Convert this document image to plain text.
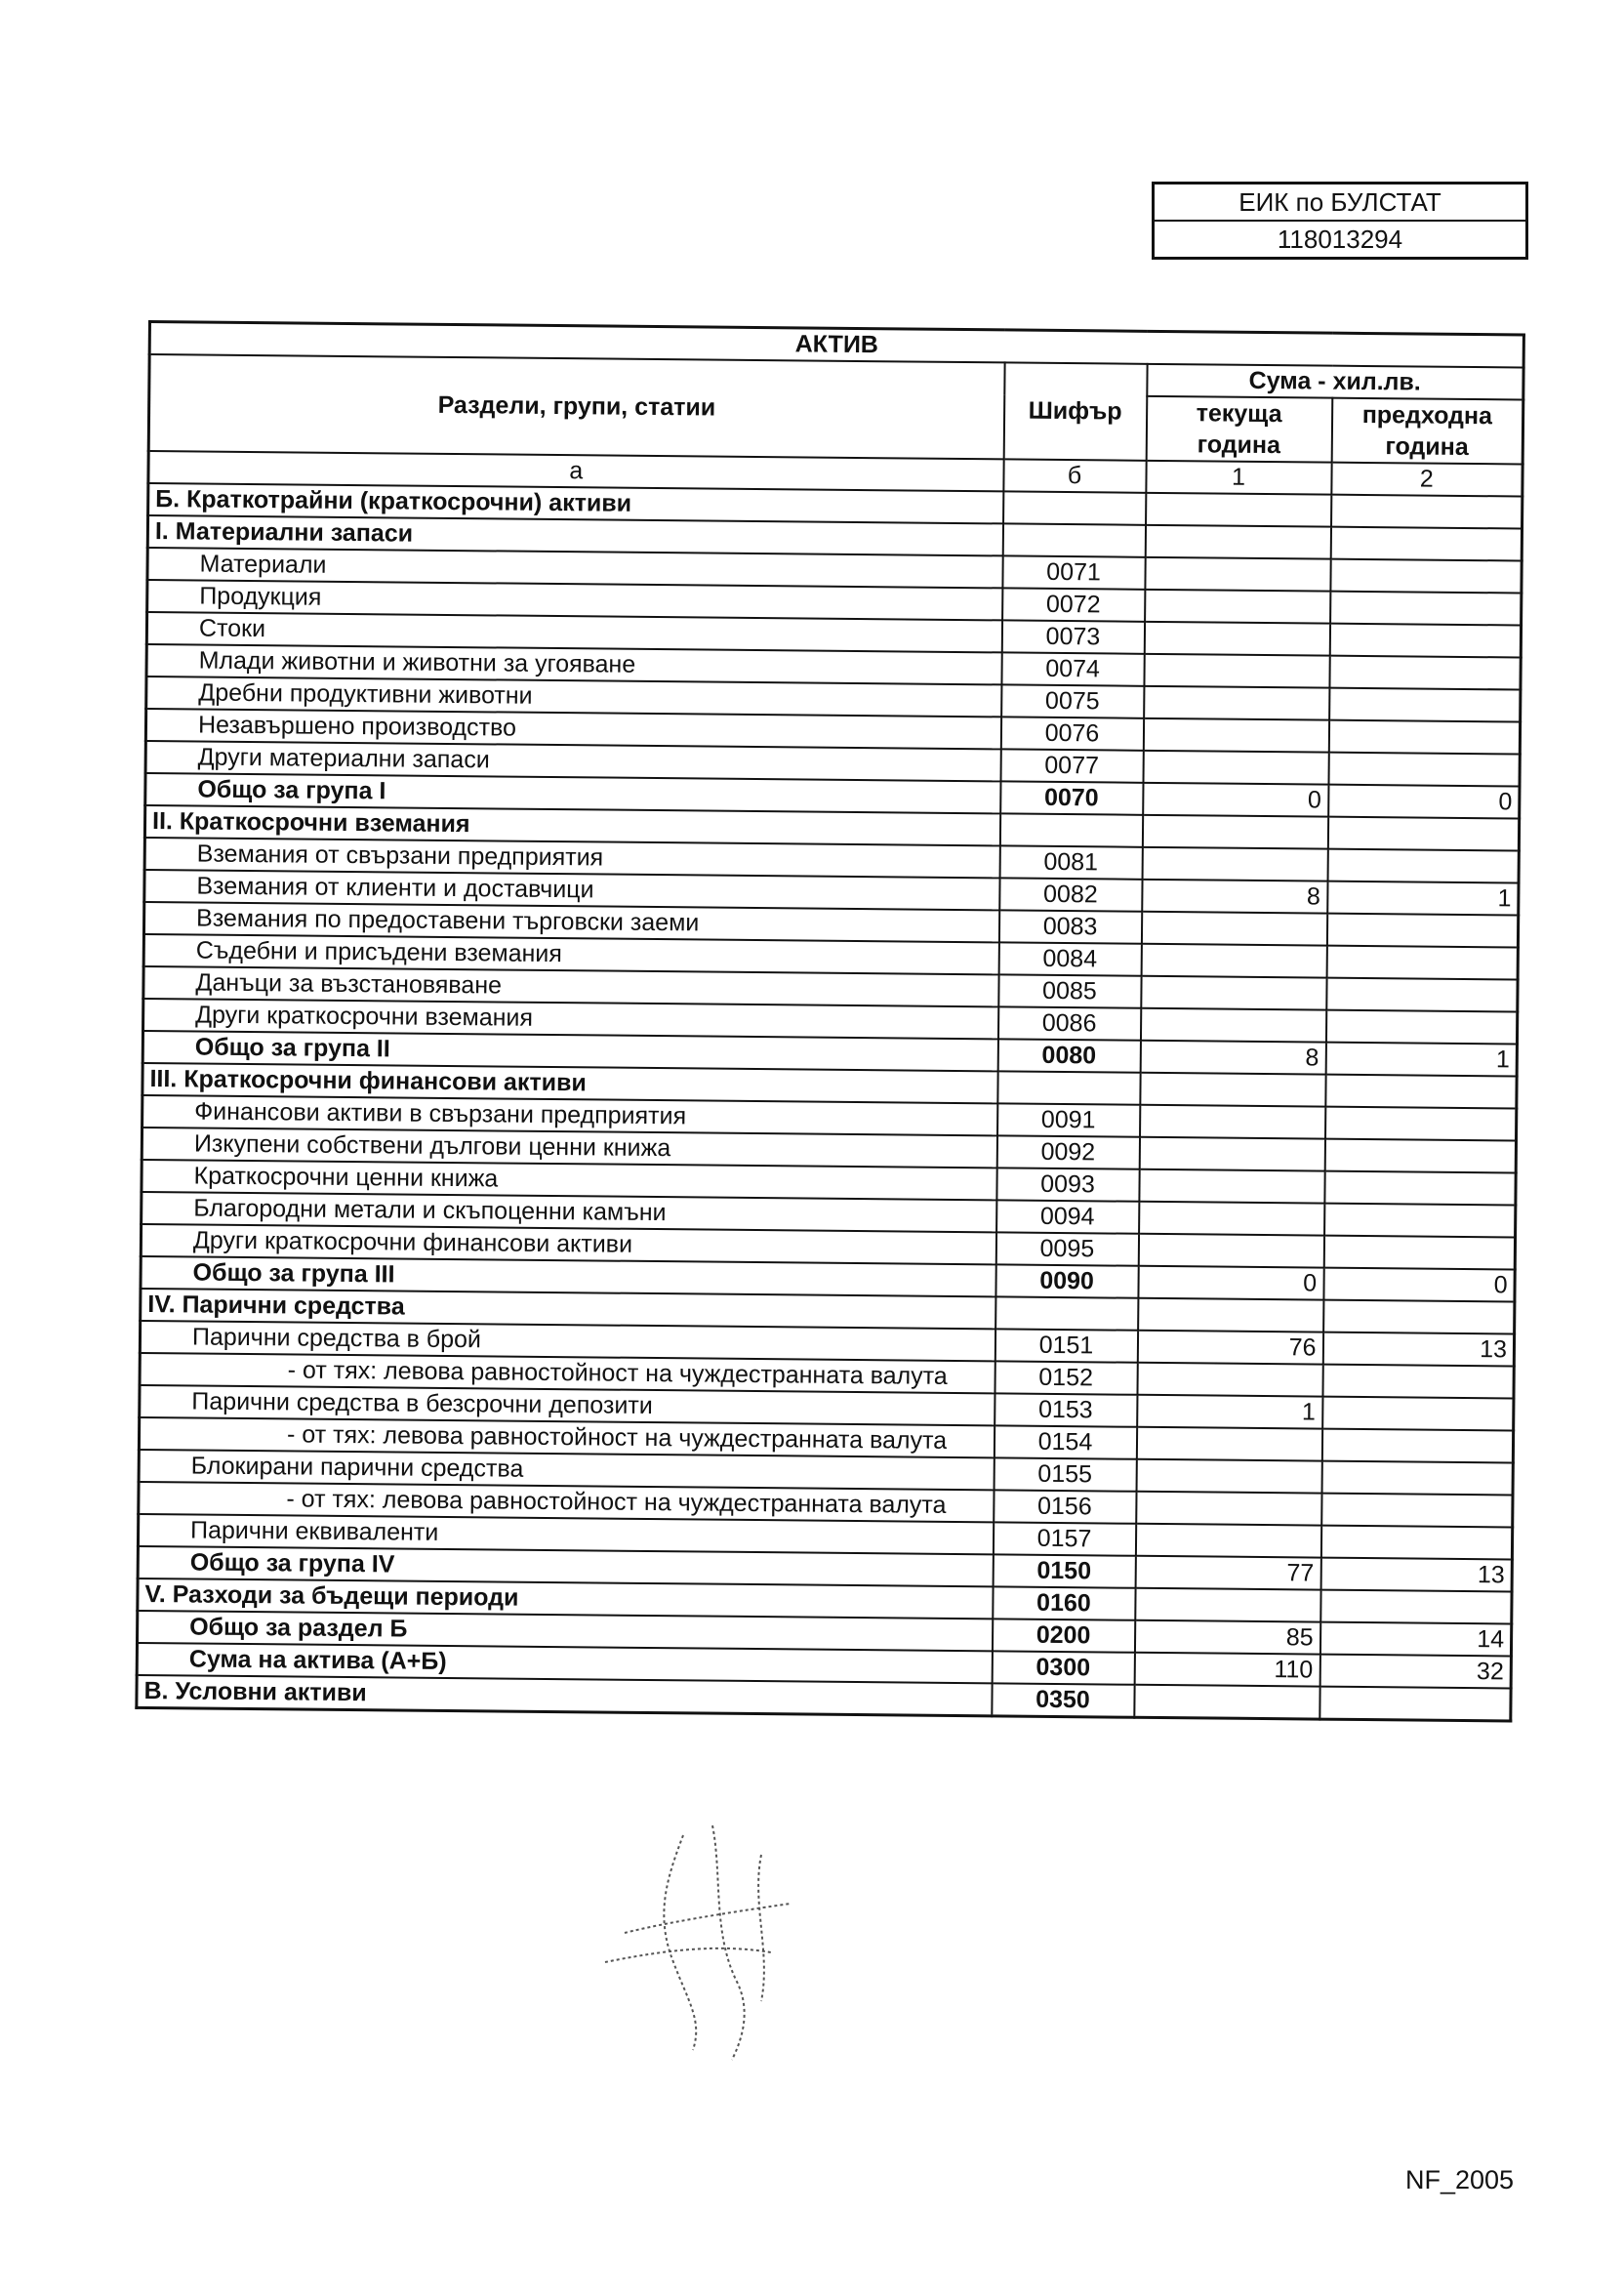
ЕИК по БУЛСТАТ
118013294
АКТИВ			
Раздели, групи, статии	Шифър	Сума - хил.лв.	
		текуща година	предходна година

а	б	1	2
Б. Краткотрайни (краткосрочни) активи			
I. Материални запаси			
Материали	0071		
Продукция	0072		
Стоки	0073		
Млади животни и животни за угояване	0074		
Дребни продуктивни животни	0075		
Незавършено производство	0076		
Други материални запаси	0077		
Общо за група I	0070	0	0
II. Краткосрочни вземания			
Вземания от свързани предприятия	0081		
Вземания от клиенти и доставчици	0082	8	1
Вземания по предоставени търговски заеми	0083		
Съдебни и присъдени вземания	0084		
Данъци за възстановяване	0085		
Други краткосрочни вземания	0086		
Общо за група II	0080	8	1
III. Краткосрочни финансови активи			
Финансови активи в свързани предприятия	0091		
Изкупени собствени дългови ценни книжа	0092		
Краткосрочни ценни книжа	0093		
Благородни метали и скъпоценни камъни	0094		
Други краткосрочни финансови активи	0095		
Общо за група III	0090	0	0
IV. Парични средства			
Парични средства в брой	0151	76	13
- от тях: левова равностойност на чуждестранната валута	0152		
Парични средства в безсрочни депозити	0153	1	
- от тях: левова равностойност на чуждестранната валута	0154		
Блокирани парични средства	0155		
- от тях: левова равностойност на чуждестранната валута	0156		
Парични еквиваленти	0157		
Общо за група IV	0150	77	13
V. Разходи за бъдещи периоди	0160		
Общо за раздел Б	0200	85	14
Сума на актива (А+Б)	0300	110	32
В. Условни активи	0350		
NF_2005
